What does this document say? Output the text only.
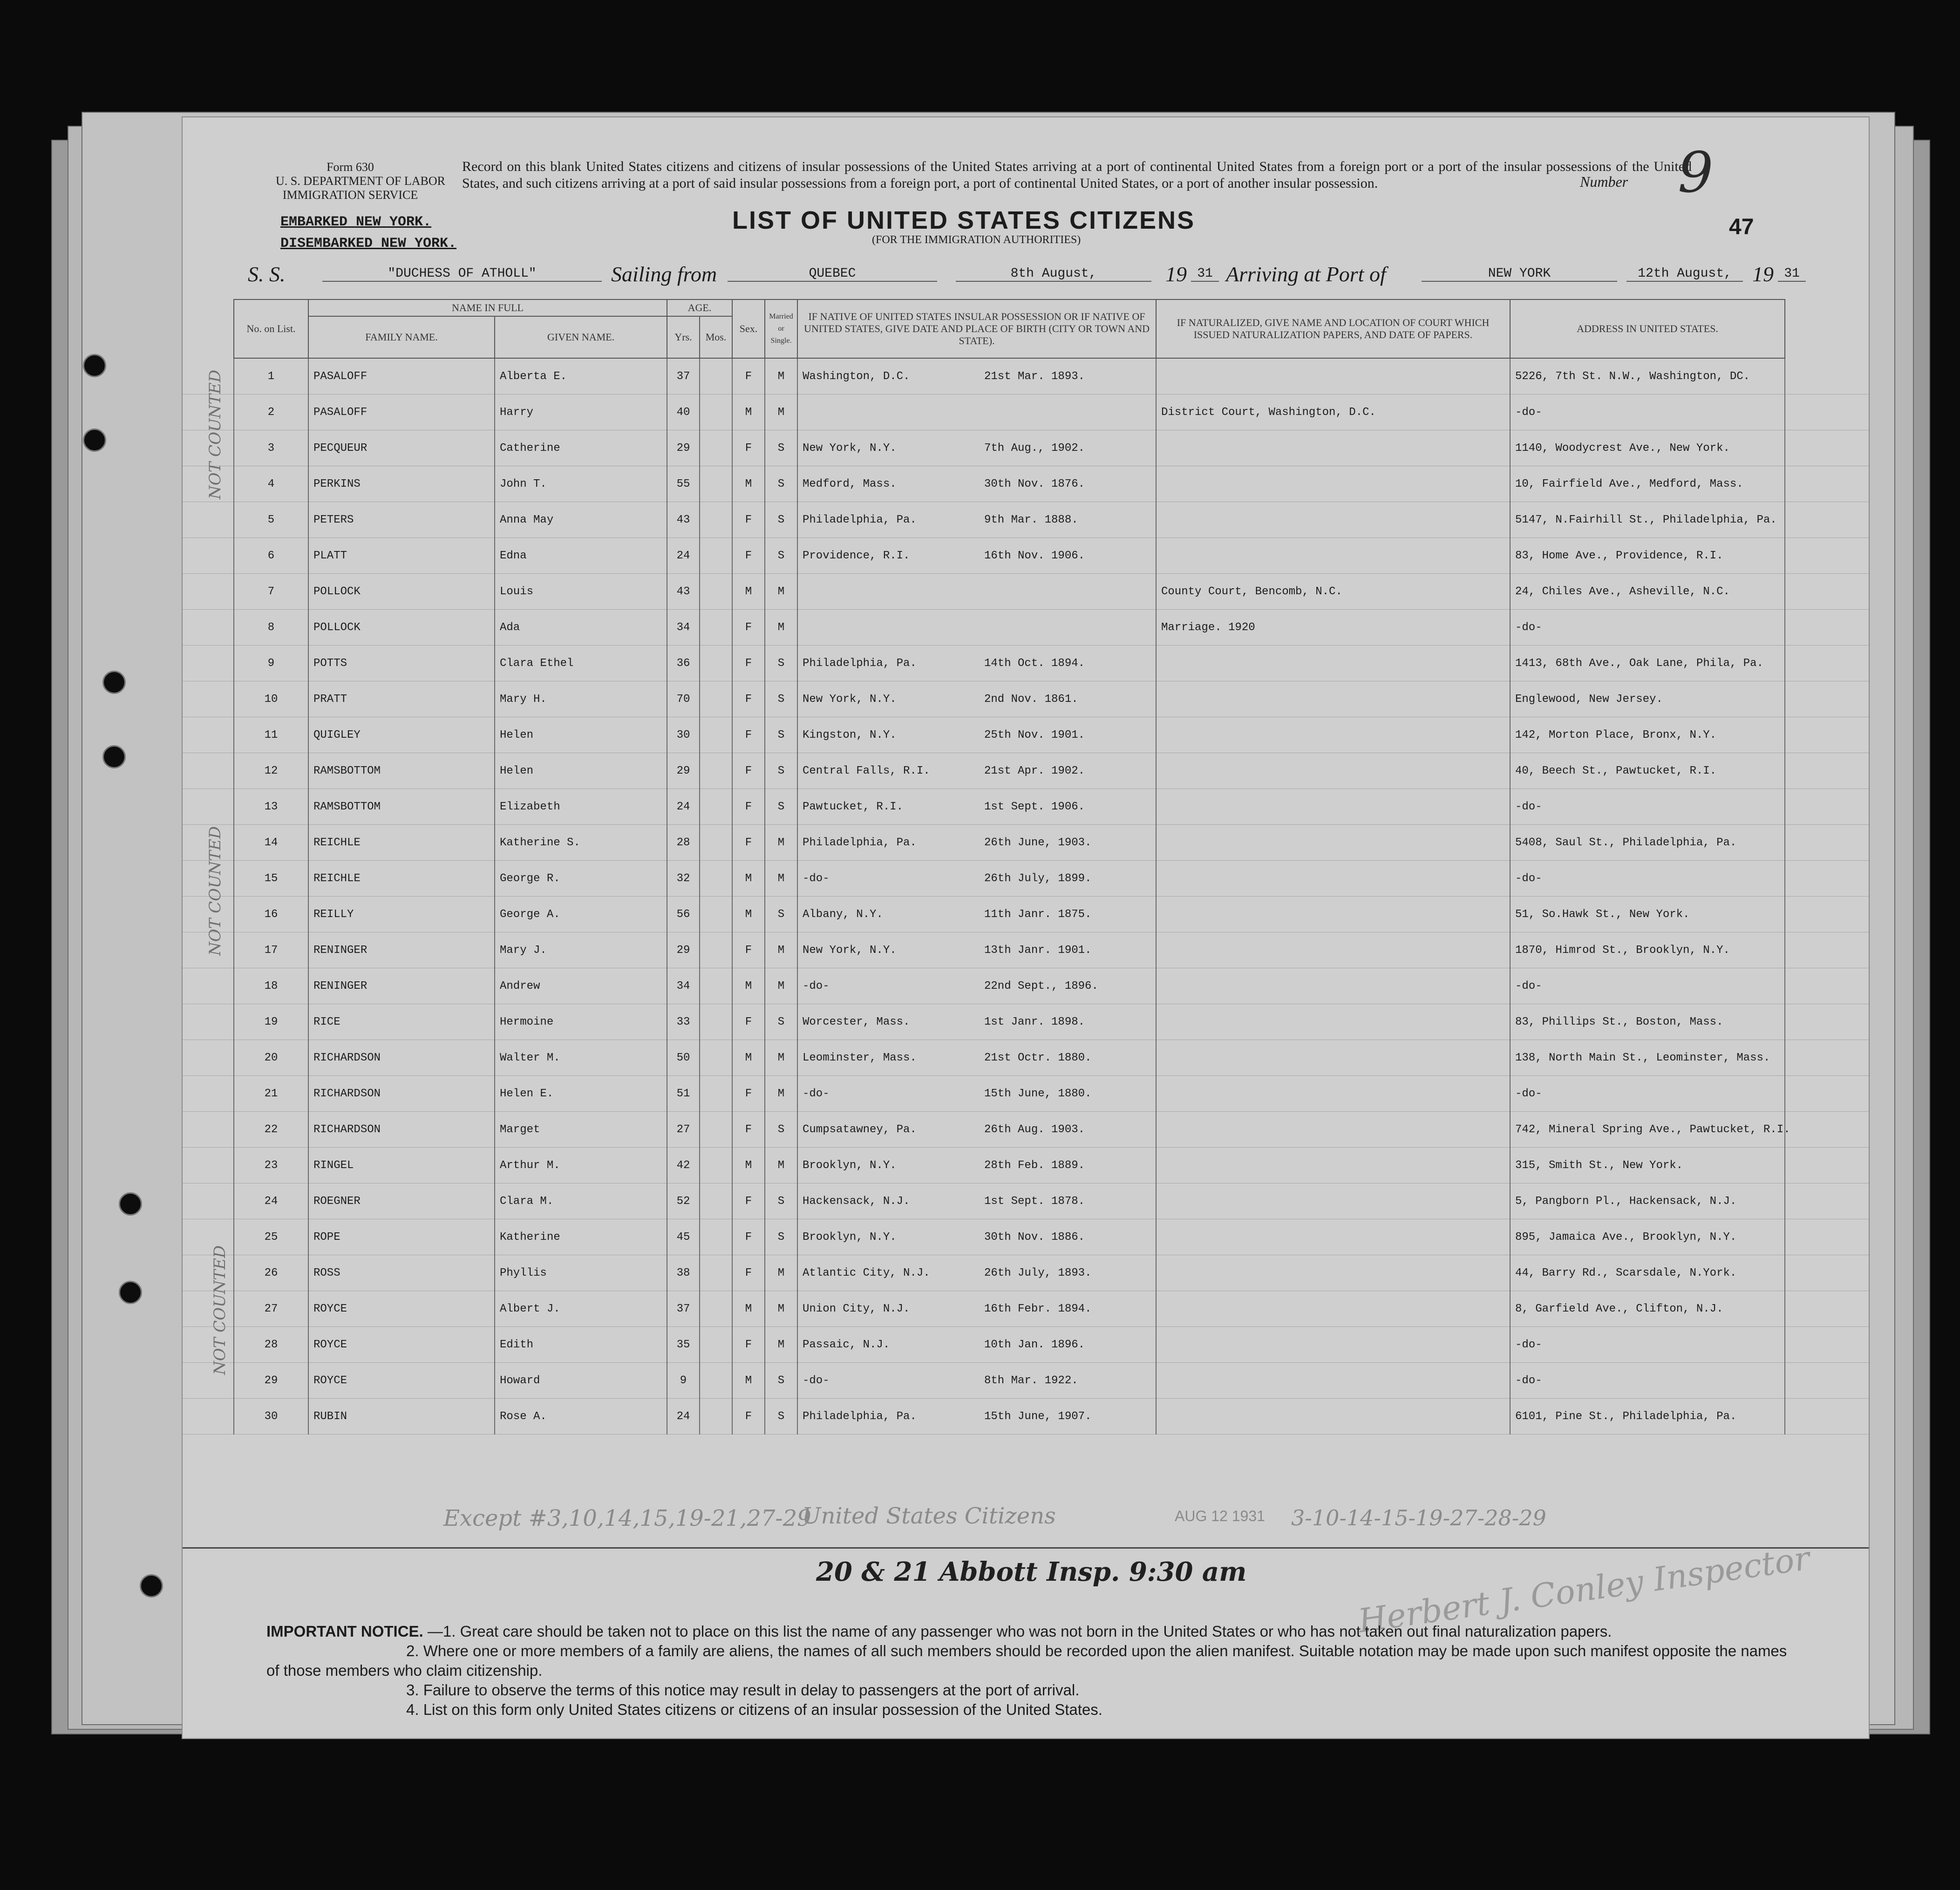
Form 630
U. S. DEPARTMENT OF LABOR
IMMIGRATION SERVICE
Record on this blank United States citizens and citizens of insular possessions of the United States arriving at a port of continental United States from a foreign port or a port of the insular possessions of the United States, and such citizens arriving at a port of said insular possessions from a foreign port, a port of continental United States, or a port of another insular possession.	Number 9
47
EMBARKED NEW YORK.
DISEMBARKED NEW YORK.
LIST OF UNITED STATES CITIZENS
(FOR THE IMMIGRATION AUTHORITIES)
S. S.	"DUCHESS OF ATHOLL"	Sailing from	QUEBEC	8th August,	19 31 Arriving at Port of	NEW YORK	12th August, 19 31
	No. on List.	NAME IN FULL		AGE.		Sex.	Married or Single.	IF NATIVE OF UNITED STATES INSULAR POSSESSION OR IF NATIVE OF UNITED STATES, GIVE DATE AND PLACE OF BIRTH (CITY OR TOWN AND STATE).	IF NATURALIZED, GIVE NAME AND LOCATION OF COURT WHICH ISSUED NATURALIZATION PAPERS, AND DATE OF PAPERS.	ADDRESS IN UNITED STATES.	
		FAMILY NAME.	GIVEN NAME.	Yrs.	Mos.						
	1	PASALOFF	Alberta E.	37		F	M	Washington, D.C. 21st Mar. 1893.		5226, 7th St. N.W., Washington, DC.	
	2	PASALOFF	Harry	40		M	M		District Court, Washington, D.C.	-do-	
	3	PECQUEUR	Catherine	29		F	S	New York, N.Y. 7th Aug., 1902.		1140, Woodycrest Ave., New York.	
	4	PERKINS	John T.	55		M	S	Medford, Mass. 30th Nov. 1876.		10, Fairfield Ave., Medford, Mass.	
	5	PETERS	Anna May	43		F	S	Philadelphia, Pa. 9th Mar. 1888.		5147, N.Fairhill St., Philadelphia, Pa.	
	6	PLATT	Edna	24		F	S	Providence, R.I. 16th Nov. 1906.		83, Home Ave., Providence, R.I.	
	7	POLLOCK	Louis	43		M	M		County Court, Bencomb, N.C.	24, Chiles Ave., Asheville, N.C.	
	8	POLLOCK	Ada	34		F	M		Marriage. 1920	-do-	
	9	POTTS	Clara Ethel	36		F	S	Philadelphia, Pa. 14th Oct. 1894.		1413, 68th Ave., Oak Lane, Phila, Pa.	
	10	PRATT	Mary H.	70		F	S	New York, N.Y. 2nd Nov. 1861.		Englewood, New Jersey.	
	11	QUIGLEY	Helen	30		F	S	Kingston, N.Y. 25th Nov. 1901.		142, Morton Place, Bronx, N.Y.	
	12	RAMSBOTTOM	Helen	29		F	S	Central Falls, R.I. 21st Apr. 1902.		40, Beech St., Pawtucket, R.I.	
	13	RAMSBOTTOM	Elizabeth	24		F	S	Pawtucket, R.I. 1st Sept. 1906.		-do-	
	14	REICHLE	Katherine S.	28		F	M	Philadelphia, Pa. 26th June, 1903.		5408, Saul St., Philadelphia, Pa.	
	15	REICHLE	George R.	32		M	M	-do- 26th July, 1899.		-do-	
	16	REILLY	George A.	56		M	S	Albany, N.Y. 11th Janr. 1875.		51, So.Hawk St., New York.	
	17	RENINGER	Mary J.	29		F	M	New York, N.Y. 13th Janr. 1901.		1870, Himrod St., Brooklyn, N.Y.	
	18	RENINGER	Andrew	34		M	M	-do- 22nd Sept., 1896.		-do-	
	19	RICE	Hermoine	33		F	S	Worcester, Mass. 1st Janr. 1898.		83, Phillips St., Boston, Mass.	
	20	RICHARDSON	Walter M.	50		M	M	Leominster, Mass. 21st Octr. 1880.		138, North Main St., Leominster, Mass.	
	21	RICHARDSON	Helen E.	51		F	M	-do- 15th June, 1880.		-do-	
	22	RICHARDSON	Marget	27		F	S	Cumpsatawney, Pa. 26th Aug. 1903.		742, Mineral Spring Ave., Pawtucket, R.I.	
	23	RINGEL	Arthur M.	42		M	M	Brooklyn, N.Y. 28th Feb. 1889.		315, Smith St., New York.	
	24	ROEGNER	Clara M.	52		F	S	Hackensack, N.J. 1st Sept. 1878.		5, Pangborn Pl., Hackensack, N.J.	
	25	ROPE	Katherine	45		F	S	Brooklyn, N.Y. 30th Nov. 1886.		895, Jamaica Ave., Brooklyn, N.Y.	
	26	ROSS	Phyllis	38		F	M	Atlantic City, N.J. 26th July, 1893.		44, Barry Rd., Scarsdale, N.York.	
	27	ROYCE	Albert J.	37		M	M	Union City, N.J. 16th Febr. 1894.		8, Garfield Ave., Clifton, N.J.	
	28	ROYCE	Edith	35		F	M	Passaic, N.J. 10th Jan. 1896.		-do-	
	29	ROYCE	Howard	9		M	S	-do- 8th Mar. 1922.		-do-	
	30	RUBIN	Rose A.	24		F	S	Philadelphia, Pa. 15th June, 1907.		6101, Pine St., Philadelphia, Pa.	
Except #3,10,14,15,19-21,27-29
United States Citizens	AUG 12 1931 3-10-14-15-19-27-28-29
20 & 21 Abbott Insp. 9:30 am	Herbert J. Conley Inspector
NOT COUNTED
NOT COUNTED
NOT COUNTED
IMPORTANT NOTICE. —1. Great care should be taken not to place on this list the name of any passenger who was not born in the United States or who has not taken out final naturalization papers.
2. Where one or more members of a family are aliens, the names of all such members should be recorded upon the alien manifest. Suitable notation may be made upon such manifest opposite the names of those members who claim citizenship.
3. Failure to observe the terms of this notice may result in delay to passengers at the port of arrival.
4. List on this form only United States citizens or citizens of an insular possession of the United States.
